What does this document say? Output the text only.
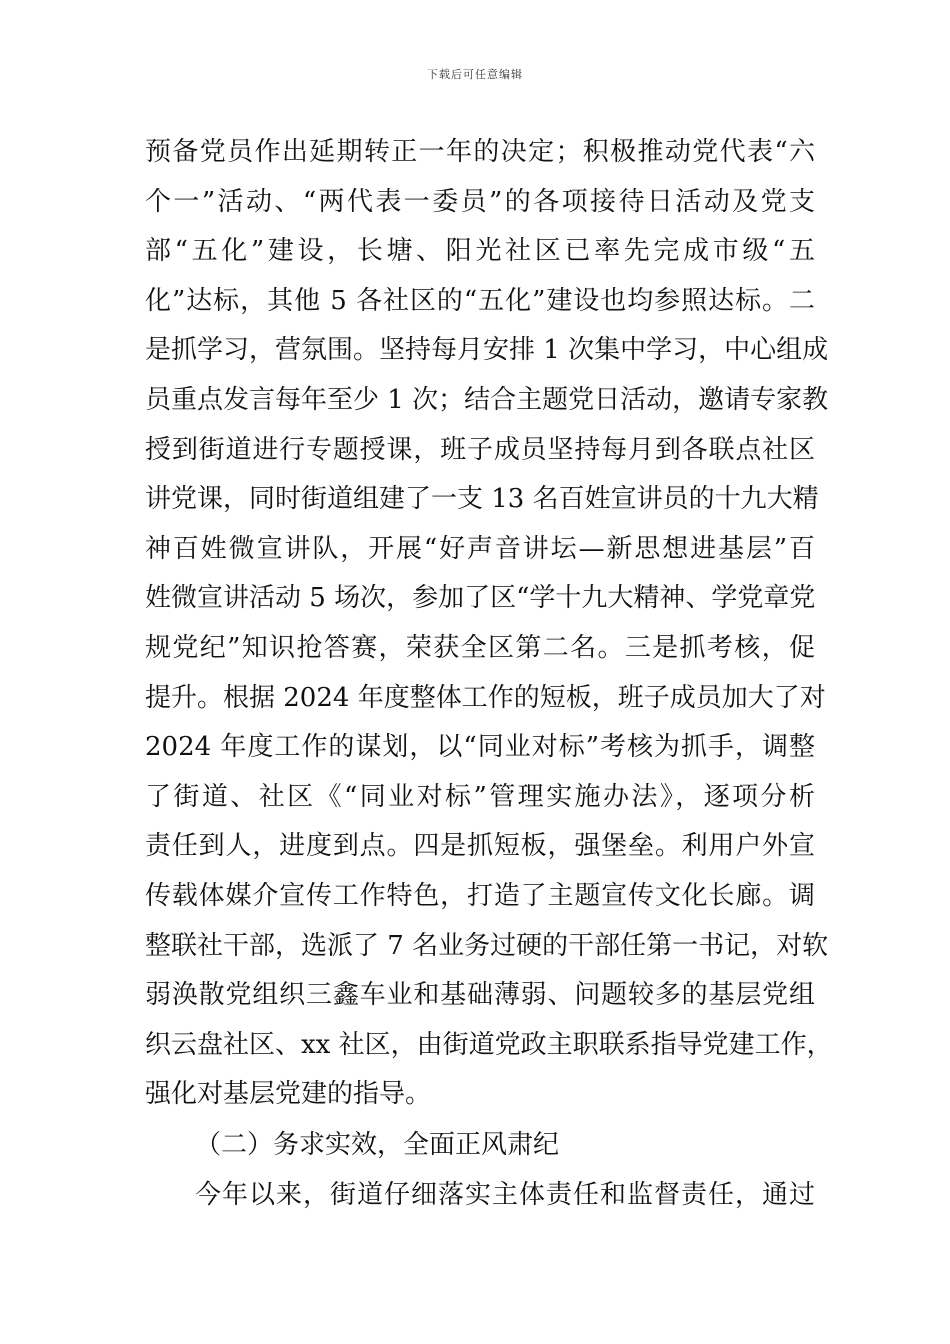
下载后可任意编辑
预备党员作出延期转正一年的决定；积极推动党代表“六
个一”活动、“两代表一委员”的各项接待日活动及党支
部“五化”建设，长塘、阳光社区已率先完成市级“五
化”达标，其他 5 各社区的“五化”建设也均参照达标。二
是抓学习，营氛围。坚持每月安排 1 次集中学习，中心组成
员重点发言每年至少 1 次；结合主题党日活动，邀请专家教
授到街道进行专题授课，班子成员坚持每月到各联点社区
讲党课，同时街道组建了一支 13 名百姓宣讲员的十九大精
神百姓微宣讲队，开展“好声音讲坛—新思想进基层”百
姓微宣讲活动 5 场次，参加了区“学十九大精神、学党章党
规党纪”知识抢答赛，荣获全区第二名。三是抓考核，促
提升。根据 2024 年度整体工作的短板，班子成员加大了对
2024 年度工作的谋划，以“同业对标”考核为抓手，调整
了街道、社区《“同业对标”管理实施办法》，逐项分析
责任到人，进度到点。四是抓短板，强堡垒。利用户外宣
传载体媒介宣传工作特色，打造了主题宣传文化长廊。调
整联社干部，选派了 7 名业务过硬的干部任第一书记，对软
弱涣散党组织三鑫车业和基础薄弱、问题较多的基层党组
织云盘社区、xx 社区，由街道党政主职联系指导党建工作，
强化对基层党建的指导。
（二）务求实效，全面正风肃纪
今年以来，街道仔细落实主体责任和监督责任，通过
